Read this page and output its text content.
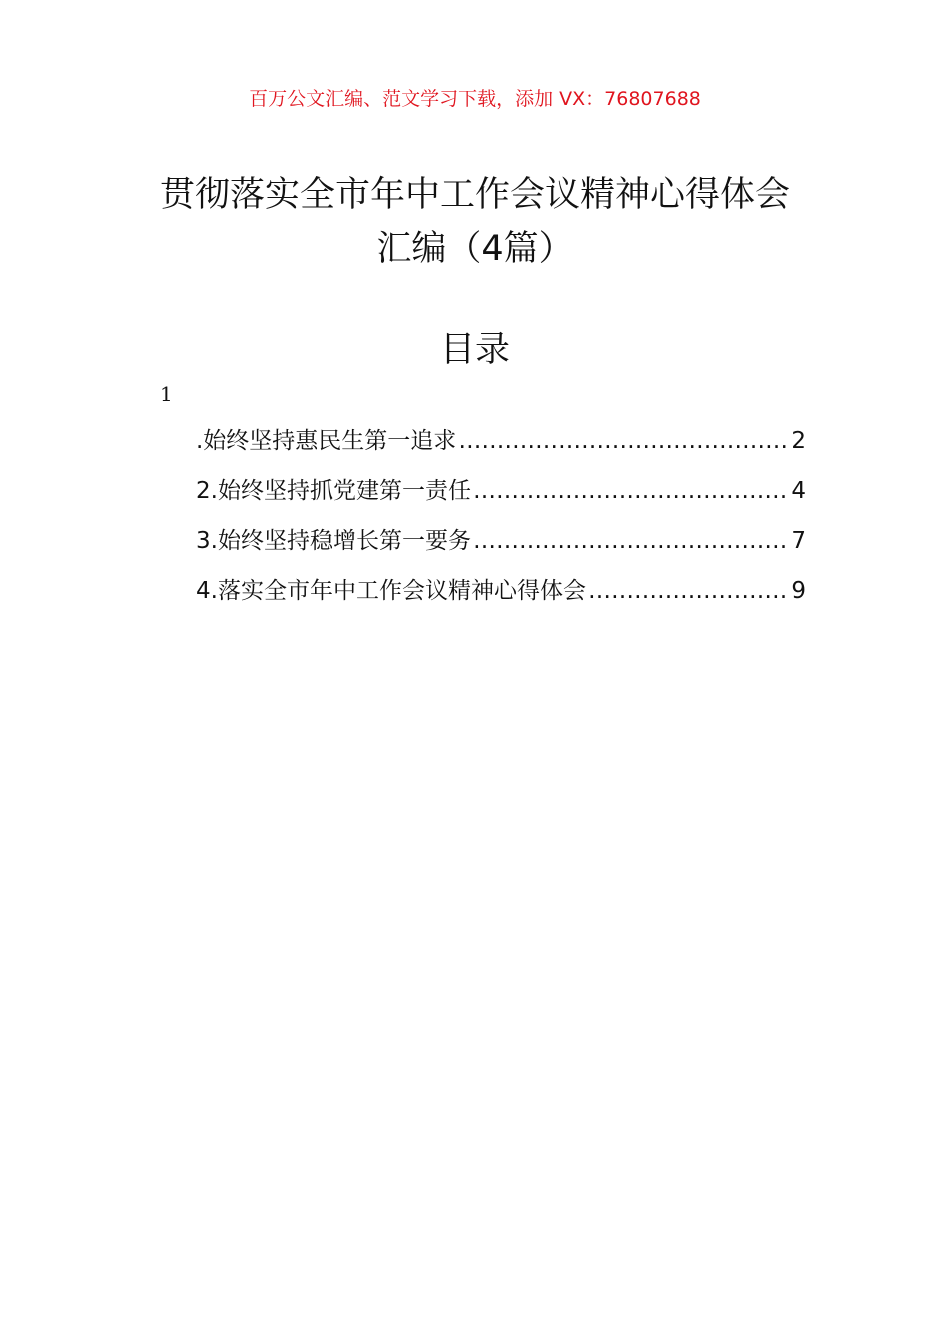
百万公文汇编、范文学习下载，添加 VX：76807688
贯彻落实全市年中工作会议精神心得体会
汇编（4篇）
目录
1
.始终坚持惠民生第一追求 ………………………………………………………………………………………………………………………………	2
2.始终坚持抓党建第一责任 ………………………………………………………………………………………………………………………………	4
3.始终坚持稳增长第一要务 ………………………………………………………………………………………………………………………………	7
4.落实全市年中工作会议精神心得体会 ………………………………………………………………………………………………………………………………	9
